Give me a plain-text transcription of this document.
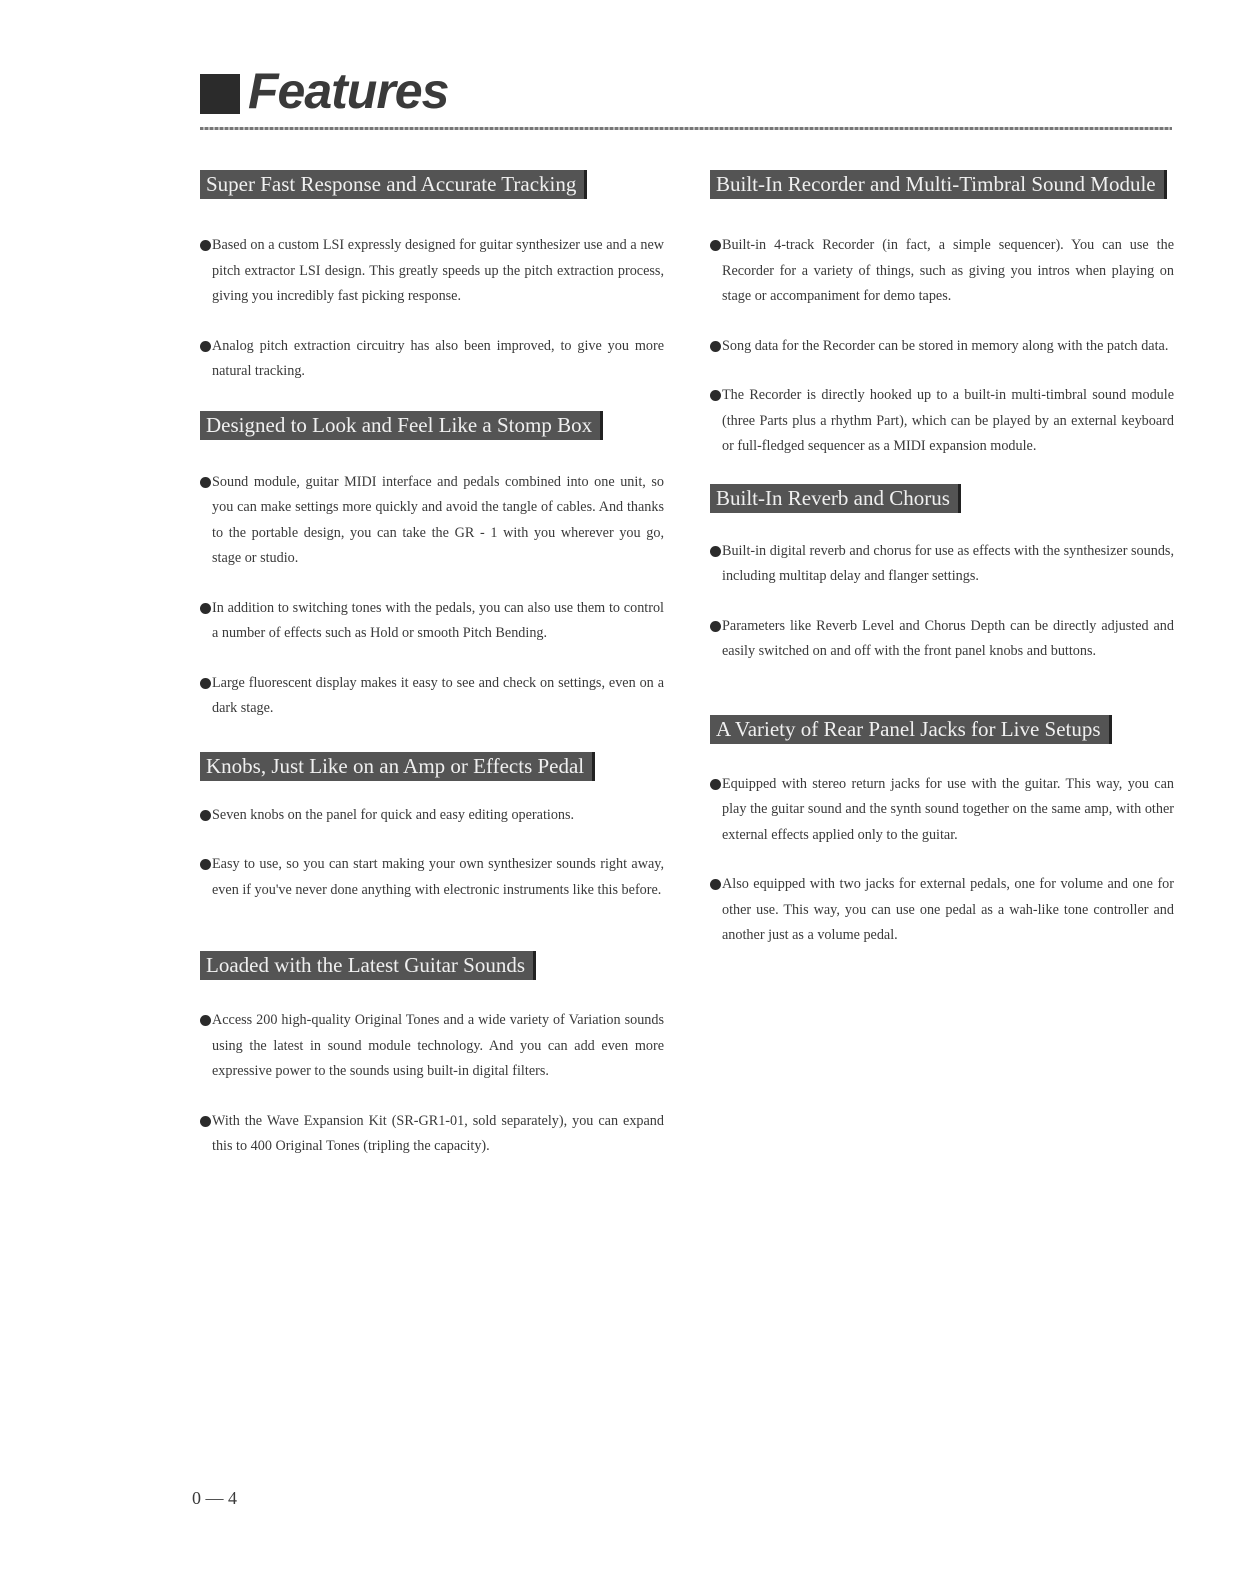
Features
Super Fast Response and Accurate Tracking

Based on a custom LSI expressly designed for guitar synthesizer use and a new pitch extractor LSI design. This greatly speeds up the pitch extraction process, giving you incredibly fast picking response.

Analog pitch extraction circuitry has also been improved, to give you more natural tracking.

Designed to Look and Feel Like a Stomp Box

Sound module, guitar MIDI interface and pedals combined into one unit, so you can make settings more quickly and avoid the tangle of cables. And thanks to the portable design, you can take the GR - 1 with you wherever you go, stage or studio.

In addition to switching tones with the pedals, you can also use them to control a number of effects such as Hold or smooth Pitch Bending.

Large fluorescent display makes it easy to see and check on settings, even on a dark stage.

Knobs, Just Like on an Amp or Effects Pedal

Seven knobs on the panel for quick and easy editing operations.

Easy to use, so you can start making your own synthesizer sounds right away, even if you've never done anything with electronic instruments like this before.

Loaded with the Latest Guitar Sounds

Access 200 high-quality Original Tones and a wide variety of Variation sounds using the latest in sound module technology. And you can add even more expressive power to the sounds using built-in digital filters.

With the Wave Expansion Kit (SR-GR1-01, sold separately), you can expand this to 400 Original Tones (tripling the capacity).

Built-In Recorder and Multi-Timbral Sound Module

Built-in 4-track Recorder (in fact, a simple sequencer). You can use the Recorder for a variety of things, such as giving you intros when playing on stage or accompaniment for demo tapes.

Song data for the Recorder can be stored in memory along with the patch data.

The Recorder is directly hooked up to a built-in multi-timbral sound module (three Parts plus a rhythm Part), which can be played by an external keyboard or full-fledged sequencer as a MIDI expansion module.

Built-In Reverb and Chorus

Built-in digital reverb and chorus for use as effects with the synthesizer sounds, including multitap delay and flanger settings.

Parameters like Reverb Level and Chorus Depth can be directly adjusted and easily switched on and off with the front panel knobs and buttons.

A Variety of Rear Panel Jacks for Live Setups

Equipped with stereo return jacks for use with the guitar. This way, you can play the guitar sound and the synth sound together on the same amp, with other external effects applied only to the guitar.

Also equipped with two jacks for external pedals, one for volume and one for other use. This way, you can use one pedal as a wah-like tone controller and another just as a volume pedal.

0 — 4
